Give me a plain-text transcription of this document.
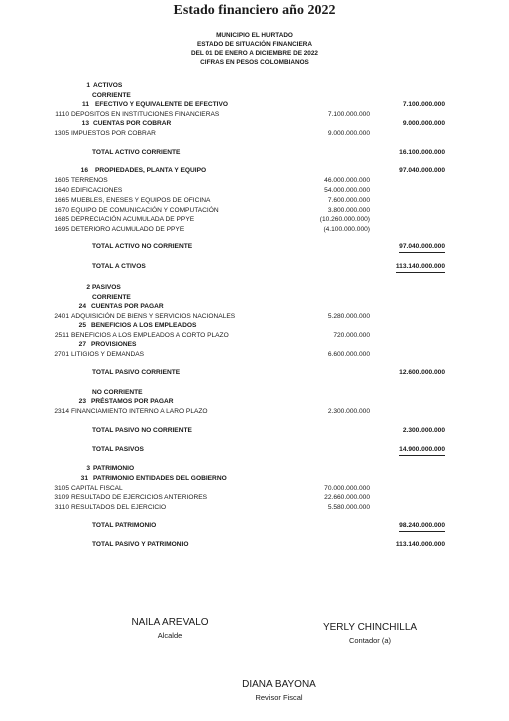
Estado financiero año 2022
MUNICIPIO EL HURTADO
ESTADO DE SITUACIÓN FINANCIERA
DEL 01 DE ENERO A DICIEMBRE DE 2022
CIFRAS EN PESOS COLOMBIANOS
1 ACTIVOS
CORRIENTE
11 EFECTIVO Y EQUIVALENTE DE EFECTIVO	7.100.000.000
1110 DEPOSITOS EN INSTITUCIONES FINANCIERAS	7.100.000.000
13 CUENTAS POR COBRAR	9.000.000.000
1305 IMPUESTOS POR COBRAR	9.000.000.000
TOTAL ACTIVO CORRIENTE	16.100.000.000
16 PROPIEDADES, PLANTA Y EQUIPO	97.040.000.000
1605 TERRENOS	46.000.000.000
1640 EDIFICACIONES	54.000.000.000
1665 MUEBLES, ENESES Y EQUIPOS DE OFICINA	7.600.000.000
1670 EQUIPO DE COMUNICACIÓN Y COMPUTACIÓN	3.800.000.000
1685 DEPRECIACIÓN ACUMULADA DE PPYE	(10.260.000.000)
1695 DETERIORO ACUMULADO DE PPYE	(4.100.000.000)
TOTAL ACTIVO NO CORRIENTE	97.040.000.000
TOTAL A CTIVOS	113.140.000.000
2 PASIVOS
CORRIENTE
24 CUENTAS POR PAGAR
2401 ADQUISICIÓN DE BIENS Y SERVICIOS NACIONALES	5.280.000.000
25 BENEFICIOS A LOS EMPLEADOS
2511 BENEFICIOS A LOS EMPLEADOS A CORTO PLAZO	720.000.000
27 PROVISIONES
2701 LITIGIOS Y DEMANDAS	6.600.000.000
TOTAL PASIVO CORRIENTE	12.600.000.000
NO CORRIENTE
23 PRÉSTAMOS POR PAGAR
2314 FINANCIAMIENTO INTERNO A LARO PLAZO	2.300.000.000
TOTAL PASIVO NO CORRIENTE	2.300.000.000
TOTAL PASIVOS	14.900.000.000
3 PATRIMONIO
31 PATRIMONIO ENTIDADES DEL GOBIERNO
3105 CAPITAL FISCAL	70.000.000.000
3109 RESULTADO DE EJERCICIOS ANTERIORES	22.660.000.000
3110 RESULTADOS DEL EJERCICIO	5.580.000.000
TOTAL PATRIMONIO	98.240.000.000
TOTAL PASIVO Y PATRIMONIO	113.140.000.000
NAILA AREVALO
Alcalde
YERLY CHINCHILLA
Contador (a)
DIANA BAYONA
Revisor Fiscal
